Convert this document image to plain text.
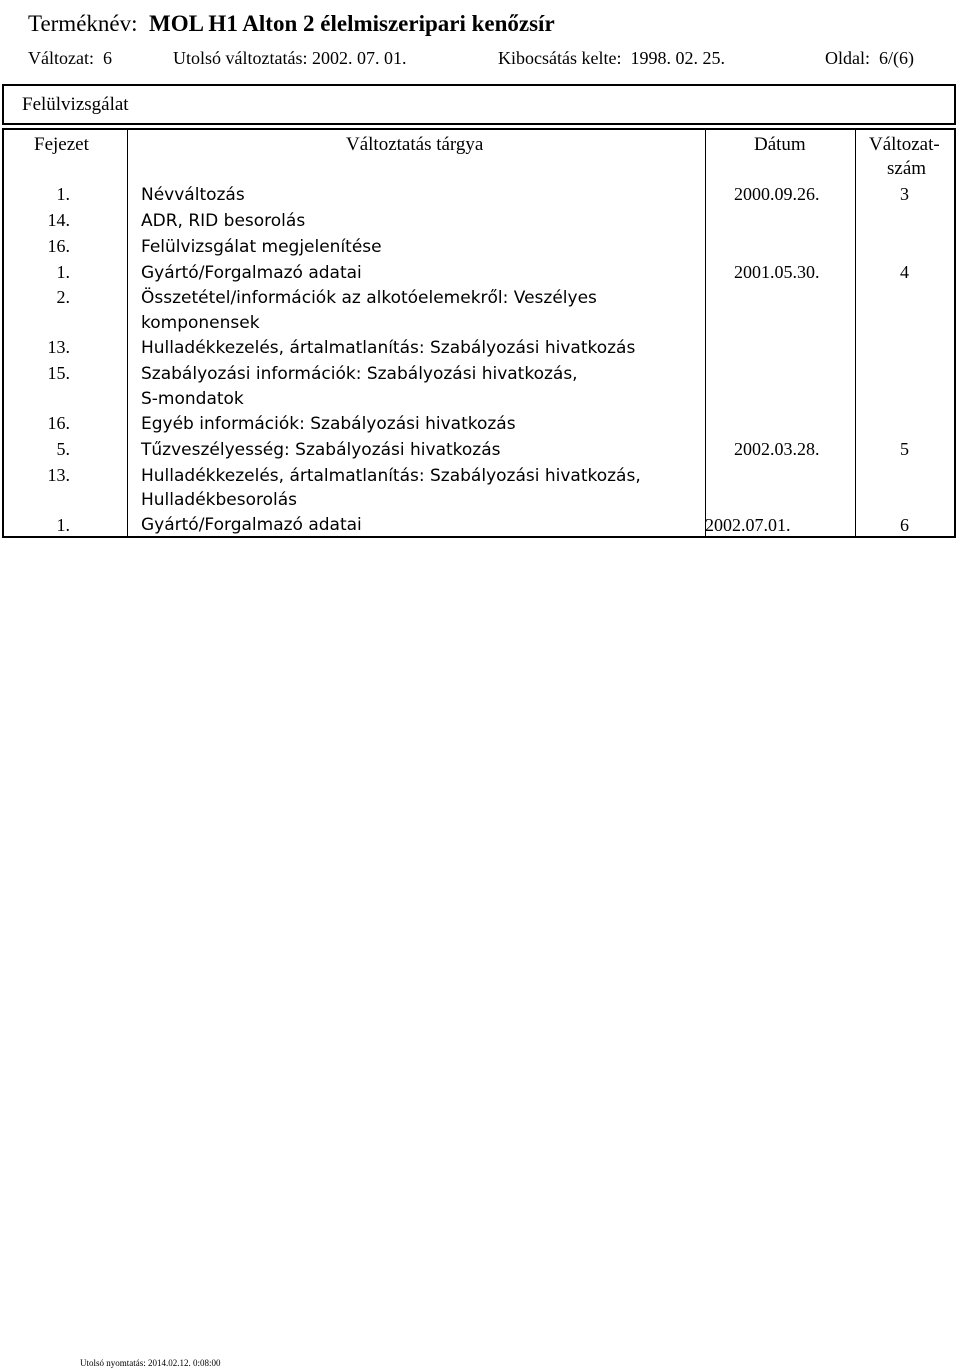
Terméknév: MOL H1 Alton 2 élelmiszeripari kenőzsír
Változat: 6	Utolsó változtatás: 2002. 07. 01.	Kibocsátás kelte: 1998. 02. 25.	Oldal: 6/(6)
Felülvizsgálat
Fejezet	Változtatás tárgya	Dátum	Változat-
szám
1.	Névváltozás	2000.09.26.	3
14.	ADR, RID besorolás
16.	Felülvizsgálat megjelenítése
1.	Gyártó/Forgalmazó adatai	2001.05.30.	4
2.	Összetétel/információk az alkotóelemekről: Veszélyes
komponensek
13.	Hulladékkezelés, ártalmatlanítás: Szabályozási hivatkozás
15.	Szabályozási információk: Szabályozási hivatkozás,
S-mondatok
16.	Egyéb információk: Szabályozási hivatkozás
5.	Tűzveszélyesség: Szabályozási hivatkozás	2002.03.28.	5
13.	Hulladékkezelés, ártalmatlanítás: Szabályozási hivatkozás,
Hulladékbesorolás
1.	Gyártó/Forgalmazó adatai	2002.07.01.	6
Utolsó nyomtatás: 2014.02.12. 0:08:00
